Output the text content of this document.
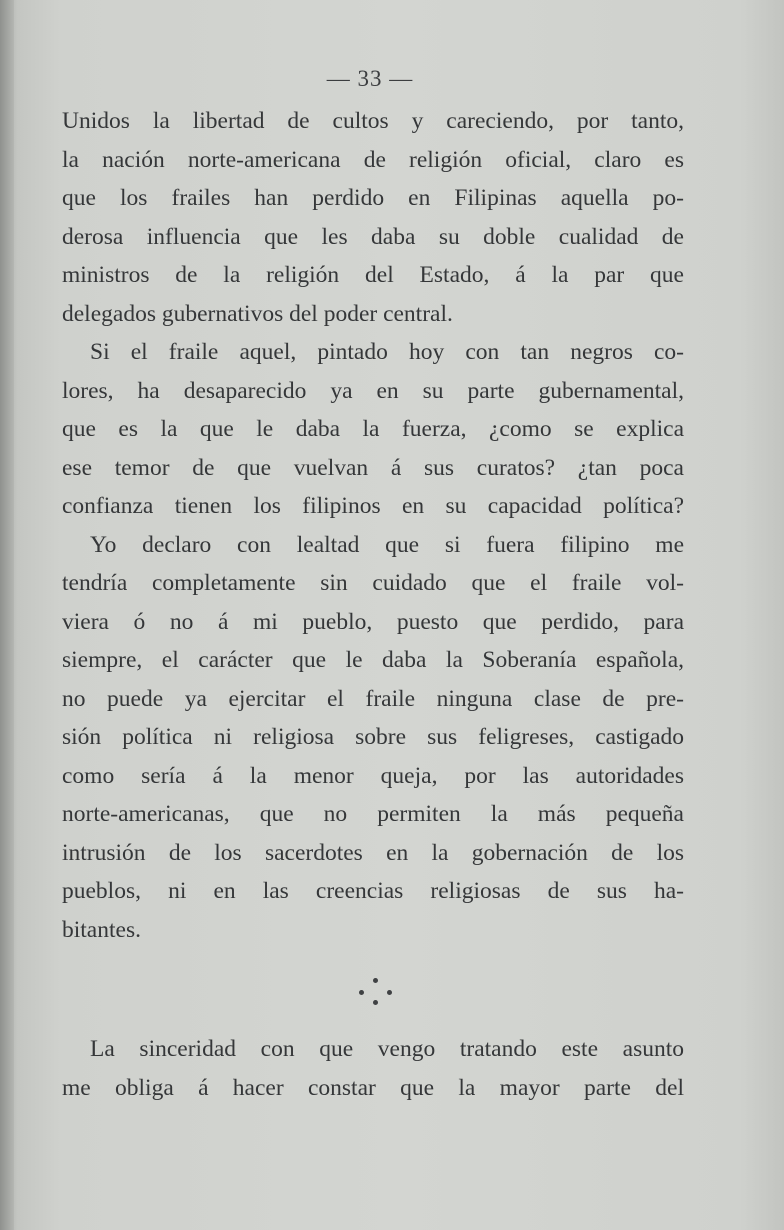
— 33 —
Unidos la libertad de cultos y careciendo, por tanto,
la nación norte-americana de religión oficial, claro es
que los frailes han perdido en Filipinas aquella po-
derosa influencia que les daba su doble cualidad de
ministros de la religión del Estado, á la par que
delegados gubernativos del poder central.
Si el fraile aquel, pintado hoy con tan negros co-
lores, ha desaparecido ya en su parte gubernamental,
que es la que le daba la fuerza, ¿como se explica
ese temor de que vuelvan á sus curatos? ¿tan poca
confianza tienen los filipinos en su capacidad política?
Yo declaro con lealtad que si fuera filipino me
tendría completamente sin cuidado que el fraile vol-
viera ó no á mi pueblo, puesto que perdido, para
siempre, el carácter que le daba la Soberanía española,
no puede ya ejercitar el fraile ninguna clase de pre-
sión política ni religiosa sobre sus feligreses, castigado
como sería á la menor queja, por las autoridades
norte-americanas, que no permiten la más pequeña
intrusión de los sacerdotes en la gobernación de los
pueblos, ni en las creencias religiosas de sus ha-
bitantes.
La sinceridad con que vengo tratando este asunto
me obliga á hacer constar que la mayor parte del
